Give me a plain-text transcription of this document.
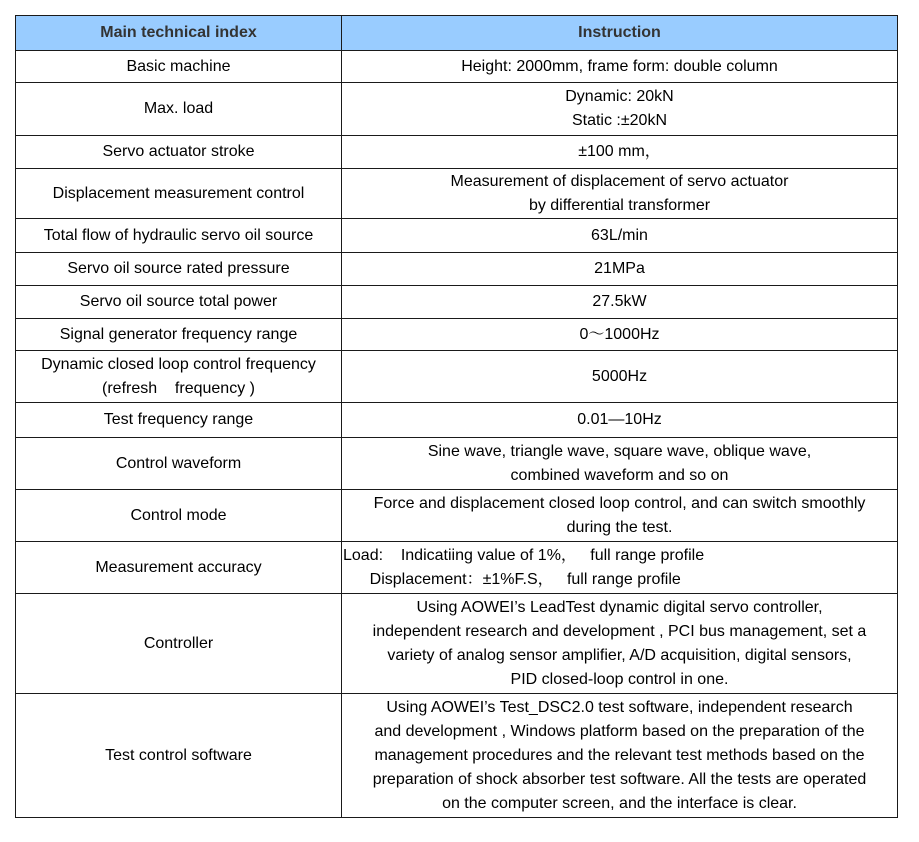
Main technical index	Instruction

Basic machine	Height: 2000mm, frame form: double column

Max. load	Dynamic: 20kN
Static :±20kN

Servo actuator stroke	±100 mm，

Displacement measurement control	Measurement of displacement of servo actuator
by differential transformer

Total flow of hydraulic servo oil source	63L/min

Servo oil source rated pressure	21MPa

Servo oil source total power	27.5kW

Signal generator frequency range	0～1000Hz

Dynamic closed loop control frequency
(refresh    frequency )	5000Hz

Test frequency range	0.01—10Hz

Control waveform	Sine wave, triangle wave, square wave, oblique wave,
combined waveform and so on

Control mode	Force and displacement closed loop control, and can switch smoothly
during the test.

Measurement accuracy	Load:    Indicatiing value of 1%，   full range profile
Displacement：±1%F.S，   full range profile

Controller	Using AOWEI’s LeadTest dynamic digital servo controller,
independent research and development , PCI bus management, set a
variety of analog sensor amplifier, A/D acquisition, digital sensors,
PID closed-loop control in one.

Test control software	Using AOWEI’s Test_DSC2.0 test software, independent research
and development , Windows platform based on the preparation of the
management procedures and the relevant test methods based on the
preparation of shock absorber test software. All the tests are operated
on the computer screen, and the interface is clear.
